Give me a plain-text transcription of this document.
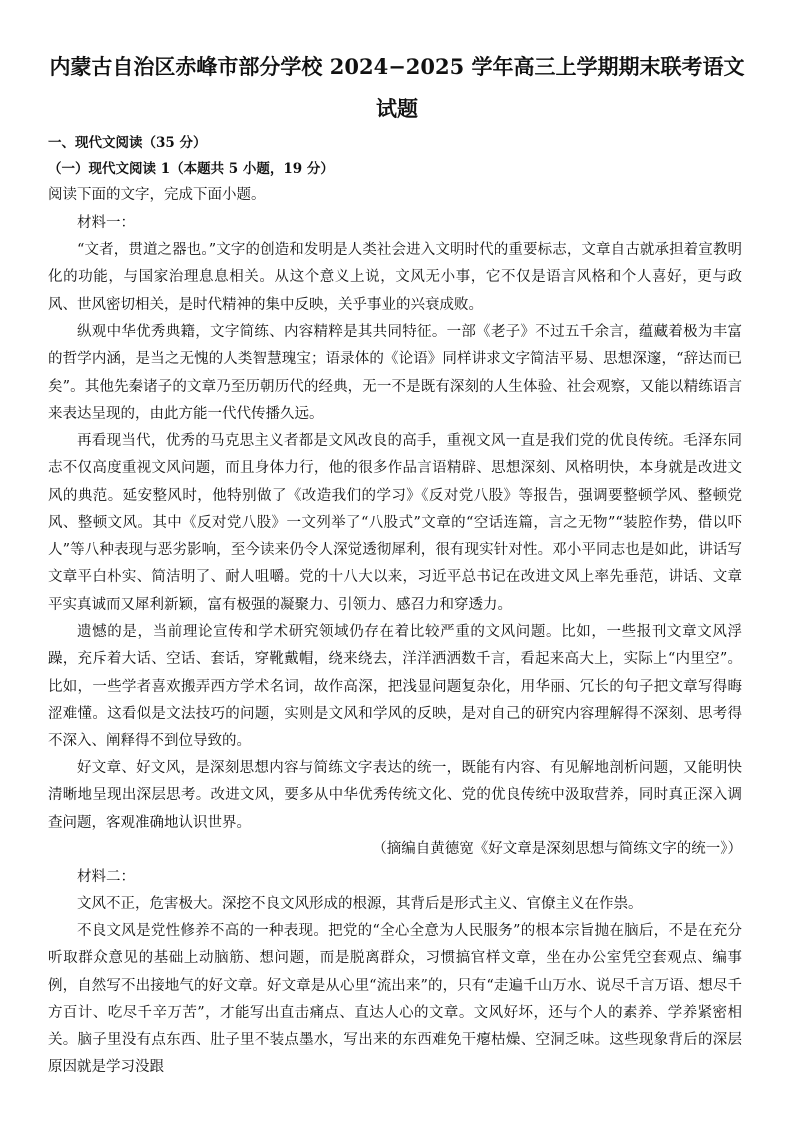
内蒙古自治区赤峰市部分学校 2024−2025 学年高三上学期期末联考语文试题

一、现代文阅读（35 分）

（一）现代文阅读 1（本题共 5 小题，19 分）

阅读下面的文字，完成下面小题。

材料一：

“文者，贯道之器也。”文字的创造和发明是人类社会进入文明时代的重要标志，文章自古就承担着宣教明化的功能，与国家治理息息相关。从这个意义上说，文风无小事，它不仅是语言风格和个人喜好，更与政风、世风密切相关，是时代精神的集中反映，关乎事业的兴衰成败。

纵观中华优秀典籍，文字简练、内容精粹是其共同特征。一部《老子》不过五千余言，蕴藏着极为丰富的哲学内涵，是当之无愧的人类智慧瑰宝；语录体的《论语》同样讲求文字简洁平易、思想深邃，“辞达而已矣”。其他先秦诸子的文章乃至历朝历代的经典，无一不是既有深刻的人生体验、社会观察，又能以精练语言来表达呈现的，由此方能一代代传播久远。

再看现当代，优秀的马克思主义者都是文风改良的高手，重视文风一直是我们党的优良传统。毛泽东同志不仅高度重视文风问题，而且身体力行，他的很多作品言语精辟、思想深刻、风格明快，本身就是改进文风的典范。延安整风时，他特别做了《改造我们的学习》《反对党八股》等报告，强调要整顿学风、整顿党风、整顿文风。其中《反对党八股》一文列举了“八股式”文章的“空话连篇，言之无物”“装腔作势，借以吓人”等八种表现与恶劣影响，至今读来仍令人深觉透彻犀利，很有现实针对性。邓小平同志也是如此，讲话写文章平白朴实、简洁明了、耐人咀嚼。党的十八大以来，习近平总书记在改进文风上率先垂范，讲话、文章平实真诚而又犀利新颖，富有极强的凝聚力、引领力、感召力和穿透力。

遗憾的是，当前理论宣传和学术研究领域仍存在着比较严重的文风问题。比如，一些报刊文章文风浮躁，充斥着大话、空话、套话，穿靴戴帽，绕来绕去，洋洋洒洒数千言，看起来高大上，实际上“内里空”。比如，一些学者喜欢搬弄西方学术名词，故作高深，把浅显问题复杂化，用华丽、冗长的句子把文章写得晦涩难懂。这看似是文法技巧的问题，实则是文风和学风的反映，是对自己的研究内容理解得不深刻、思考得不深入、阐释得不到位导致的。

好文章、好文风，是深刻思想内容与简练文字表达的统一，既能有内容、有见解地剖析问题，又能明快清晰地呈现出深层思考。改进文风，要多从中华优秀传统文化、党的优良传统中汲取营养，同时真正深入调查问题，客观准确地认识世界。

（摘编自黄德宽《好文章是深刻思想与简练文字的统一》）

材料二：

文风不正，危害极大。深挖不良文风形成的根源，其背后是形式主义、官僚主义在作祟。

不良文风是党性修养不高的一种表现。把党的“全心全意为人民服务”的根本宗旨抛在脑后，不是在充分听取群众意见的基础上动脑筋、想问题，而是脱离群众，习惯搞官样文章，坐在办公室凭空套观点、编事例，自然写不出接地气的好文章。好文章是从心里“流出来”的，只有“走遍千山万水、说尽千言万语、想尽千方百计、吃尽千辛万苦”，才能写出直击痛点、直达人心的文章。文风好坏，还与个人的素养、学养紧密相关。脑子里没有点东西、肚子里不装点墨水，写出来的东西难免干瘪枯燥、空洞乏味。这些现象背后的深层原因就是学习没跟
